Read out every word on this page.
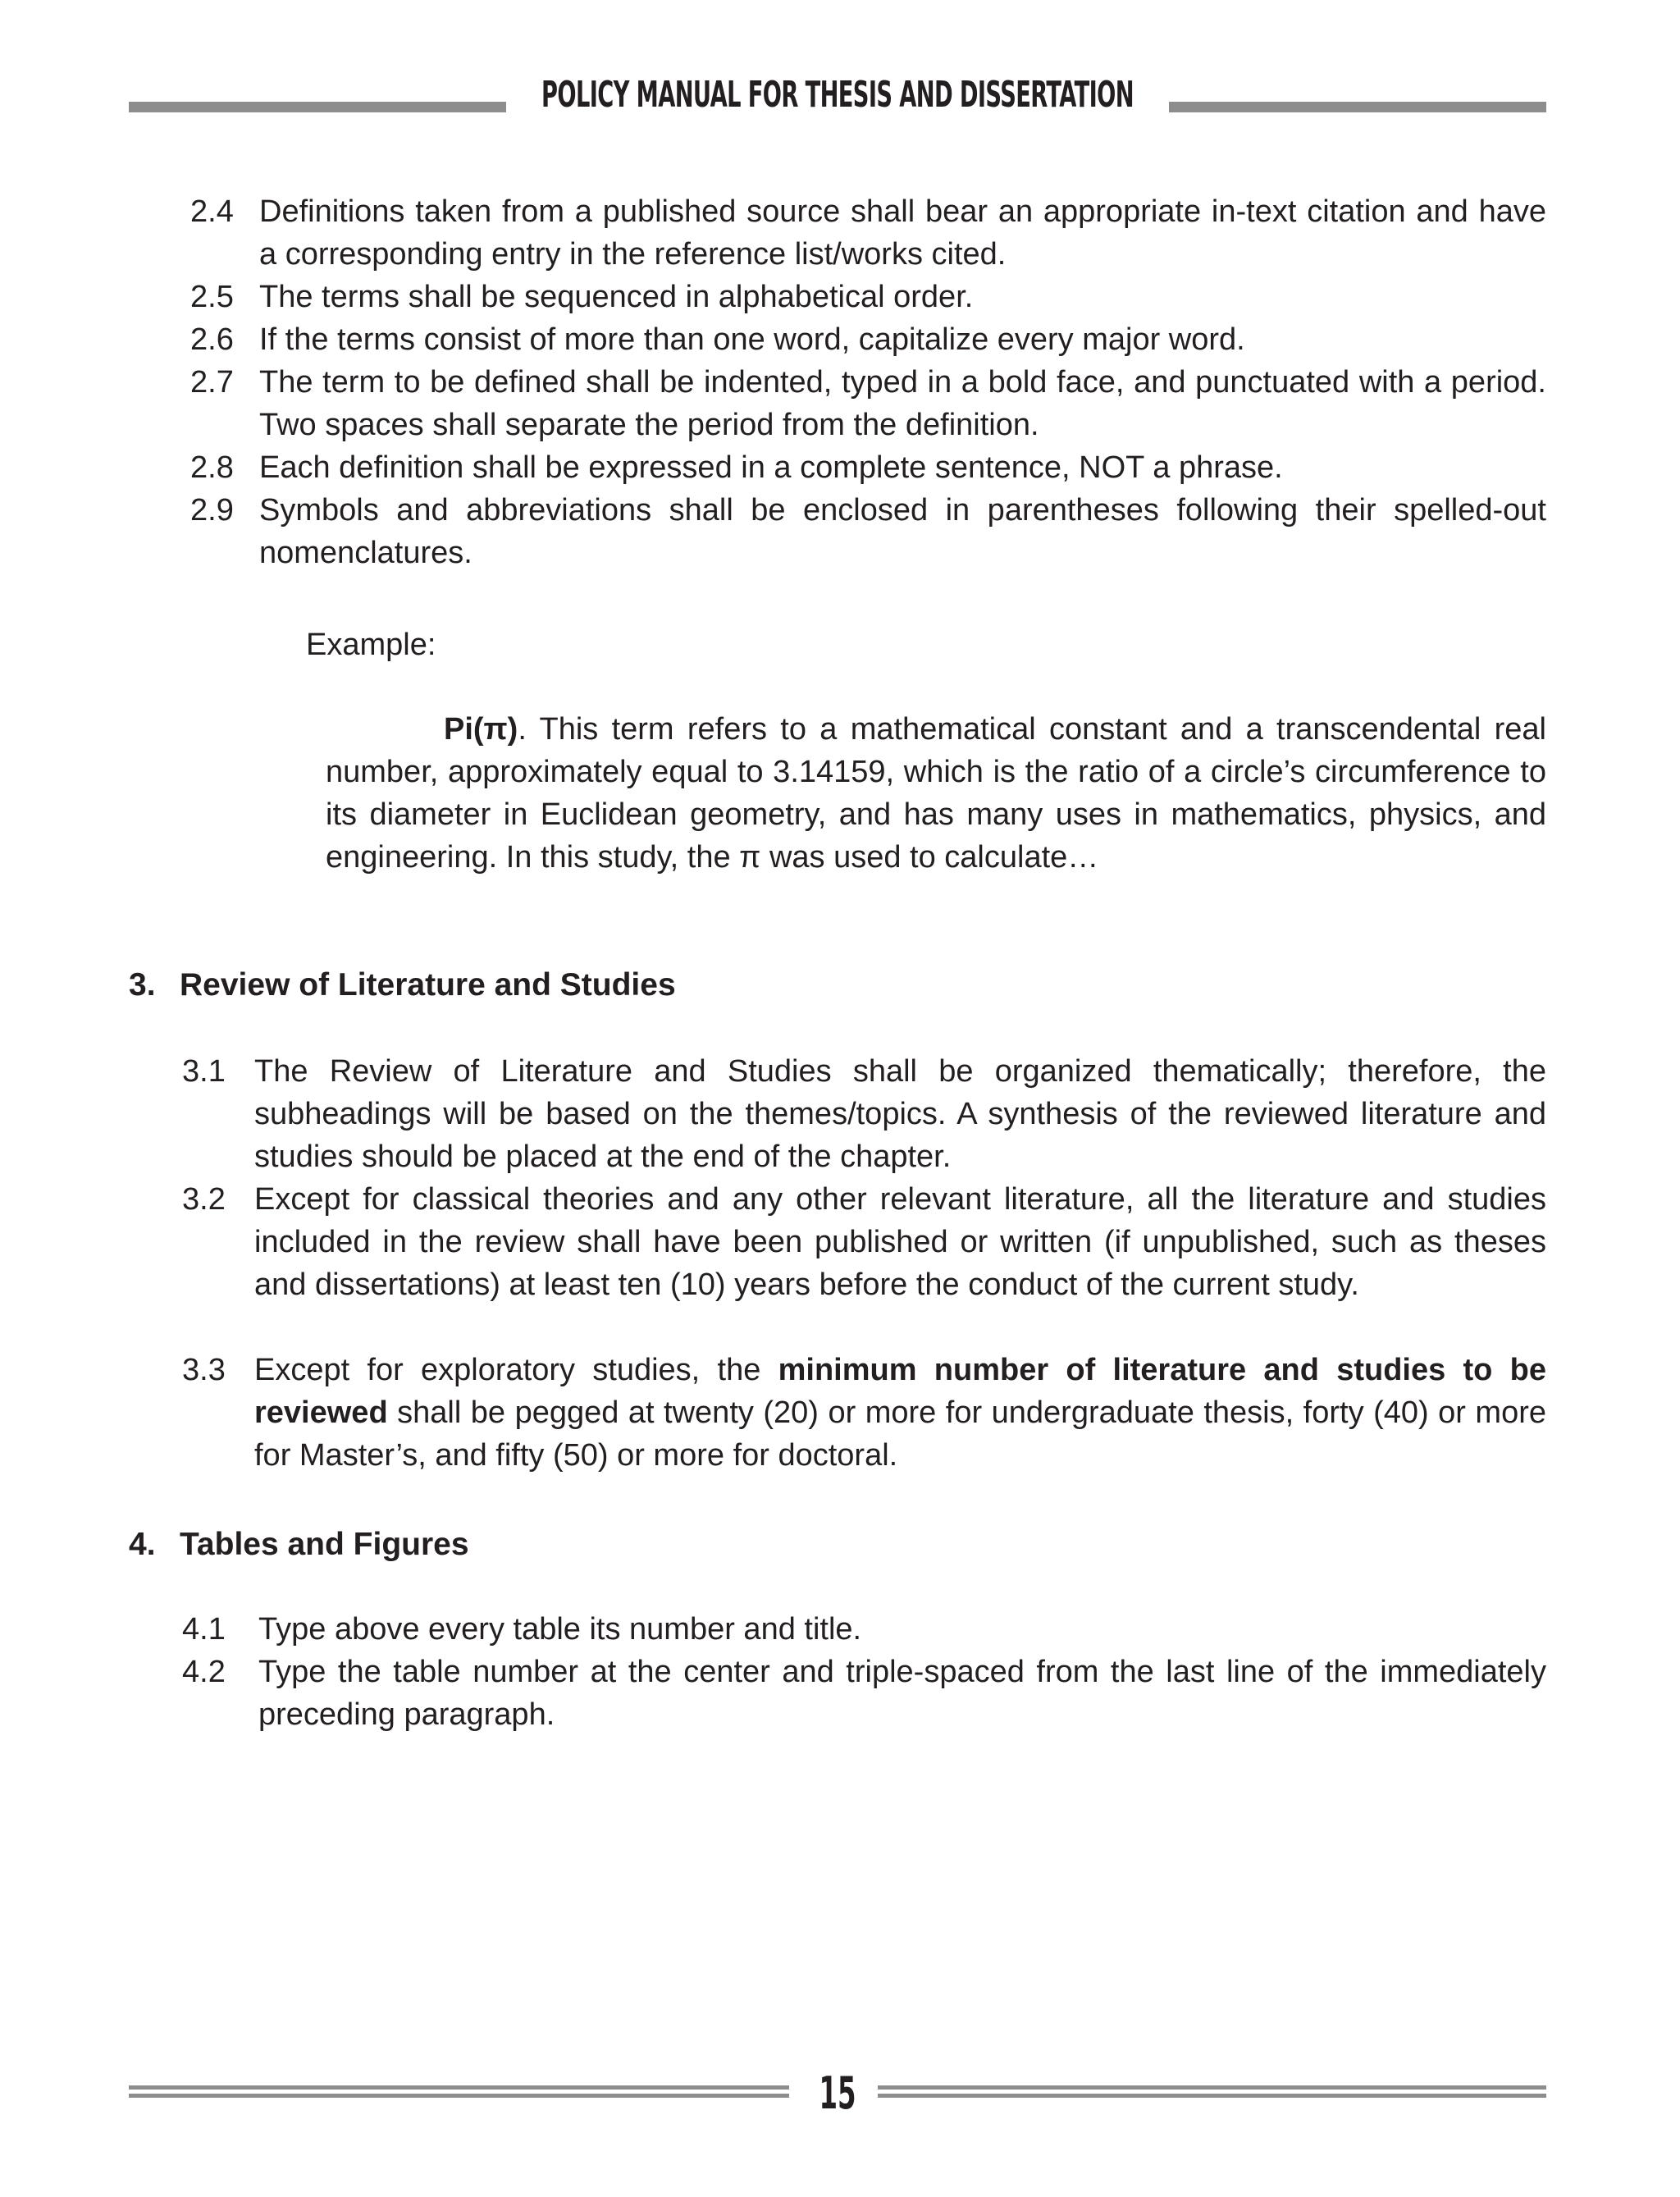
POLICY MANUAL FOR THESIS AND DISSERTATION
2.4 Definitions taken from a published source shall bear an appropriate in-text citation and have a corresponding entry in the reference list/works cited.
2.5 The terms shall be sequenced in alphabetical order.
2.6 If the terms consist of more than one word, capitalize every major word.
2.7 The term to be defined shall be indented, typed in a bold face, and punctuated with a period. Two spaces shall separate the period from the definition.
2.8 Each definition shall be expressed in a complete sentence, NOT a phrase.
2.9 Symbols and abbreviations shall be enclosed in parentheses following their spelled-out nomenclatures.
Example:
Pi(π). This term refers to a mathematical constant and a transcendental real number, approximately equal to 3.14159, which is the ratio of a circle’s circumference to its diameter in Euclidean geometry, and has many uses in mathematics, physics, and engineering. In this study, the π was used to calculate…
3. Review of Literature and Studies
3.1 The Review of Literature and Studies shall be organized thematically; therefore, the subheadings will be based on the themes/topics. A synthesis of the reviewed literature and studies should be placed at the end of the chapter.
3.2 Except for classical theories and any other relevant literature, all the literature and studies included in the review shall have been published or written (if unpublished, such as theses and dissertations) at least ten (10) years before the conduct of the current study.
3.3 Except for exploratory studies, the minimum number of literature and studies to be reviewed shall be pegged at twenty (20) or more for undergraduate thesis, forty (40) or more for Master’s, and fifty (50) or more for doctoral.
4. Tables and Figures
4.1 Type above every table its number and title.
4.2 Type the table number at the center and triple-spaced from the last line of the immediately preceding paragraph.
15
